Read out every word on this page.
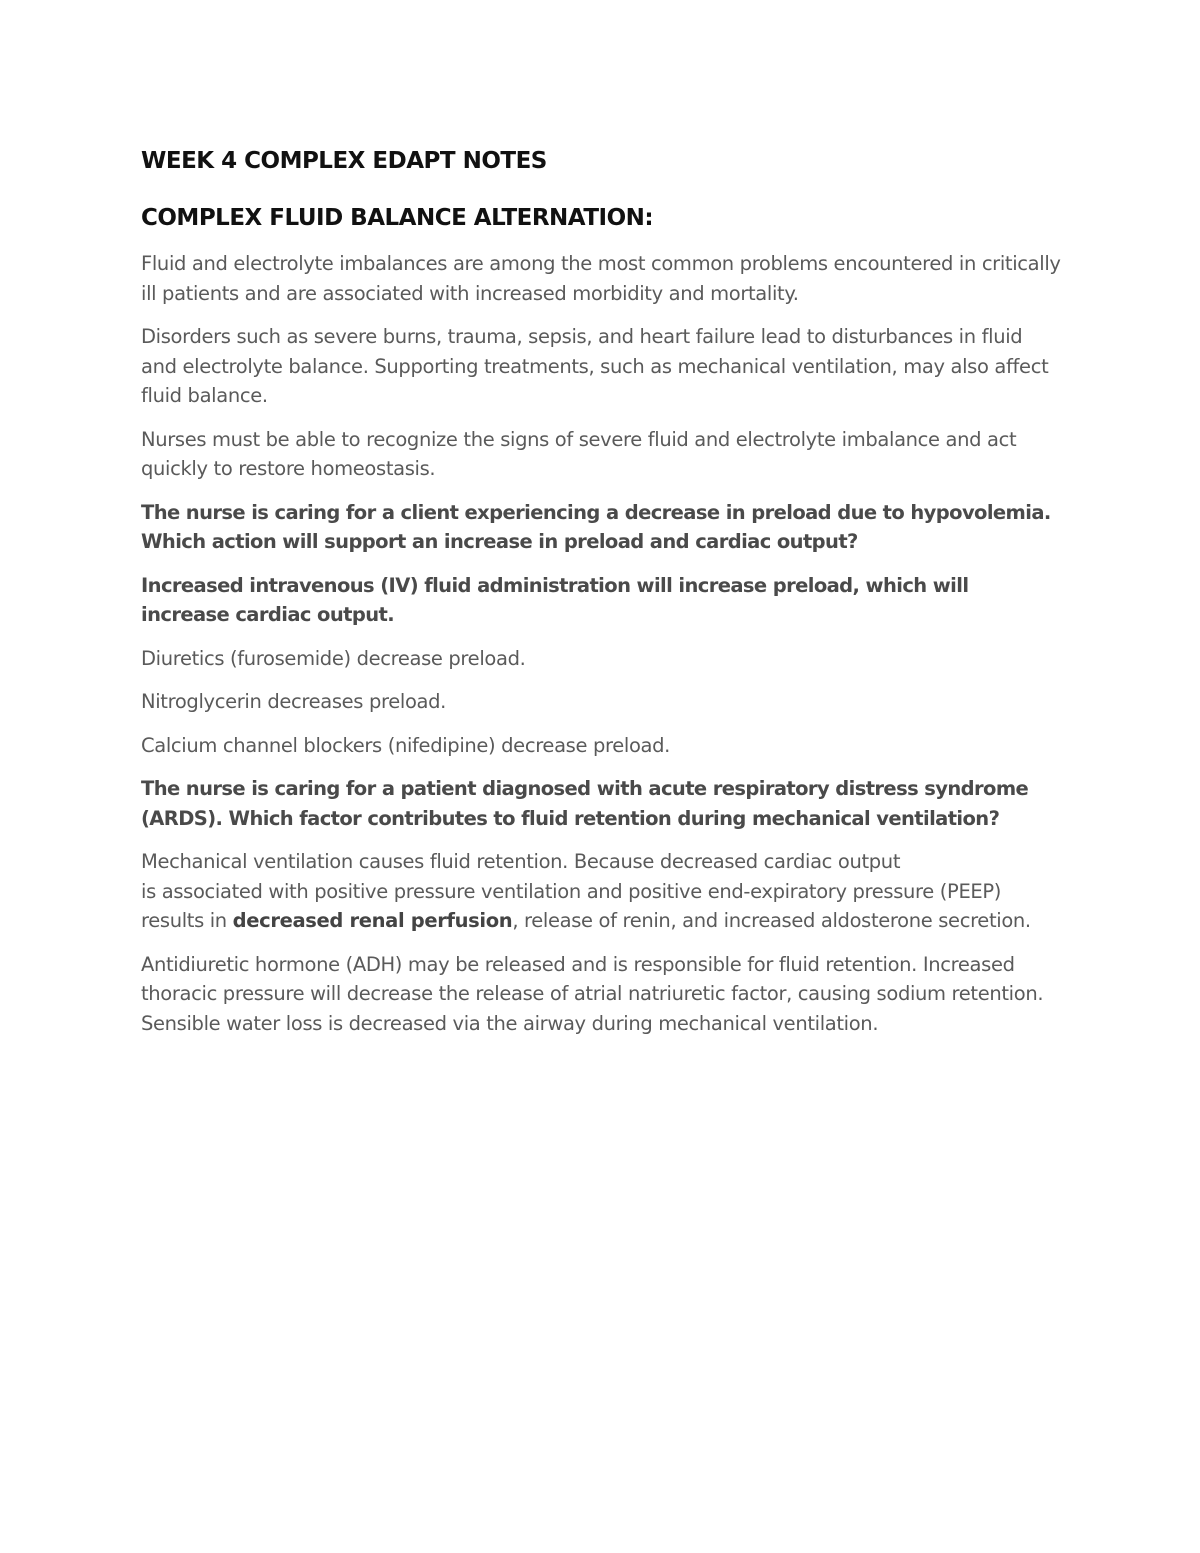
WEEK 4 COMPLEX EDAPT NOTES
COMPLEX FLUID BALANCE ALTERNATION:

Fluid and electrolyte imbalances are among the most common problems encountered in critically ill patients and are associated with increased morbidity and mortality.

Disorders such as severe burns, trauma, sepsis, and heart failure lead to disturbances in fluid and electrolyte balance. Supporting treatments, such as mechanical ventilation, may also affect fluid balance.

Nurses must be able to recognize the signs of severe fluid and electrolyte imbalance and act quickly to restore homeostasis.

The nurse is caring for a client experiencing a decrease in preload due to hypovolemia. Which action will support an increase in preload and cardiac output?

Increased intravenous (IV) fluid administration will increase preload, which will increase cardiac output.

Diuretics (furosemide) decrease preload.

Nitroglycerin decreases preload.

Calcium channel blockers (nifedipine) decrease preload.

The nurse is caring for a patient diagnosed with acute respiratory distress syndrome (ARDS). Which factor contributes to fluid retention during mechanical ventilation?

Mechanical ventilation causes fluid retention. Because decreased cardiac output
is associated with positive pressure ventilation and positive end-expiratory pressure (PEEP)
results in decreased renal perfusion, release of renin, and increased aldosterone secretion.

Antidiuretic hormone (ADH) may be released and is responsible for fluid retention. Increased thoracic pressure will decrease the release of atrial natriuretic factor, causing sodium retention. Sensible water loss is decreased via the airway during mechanical ventilation.
